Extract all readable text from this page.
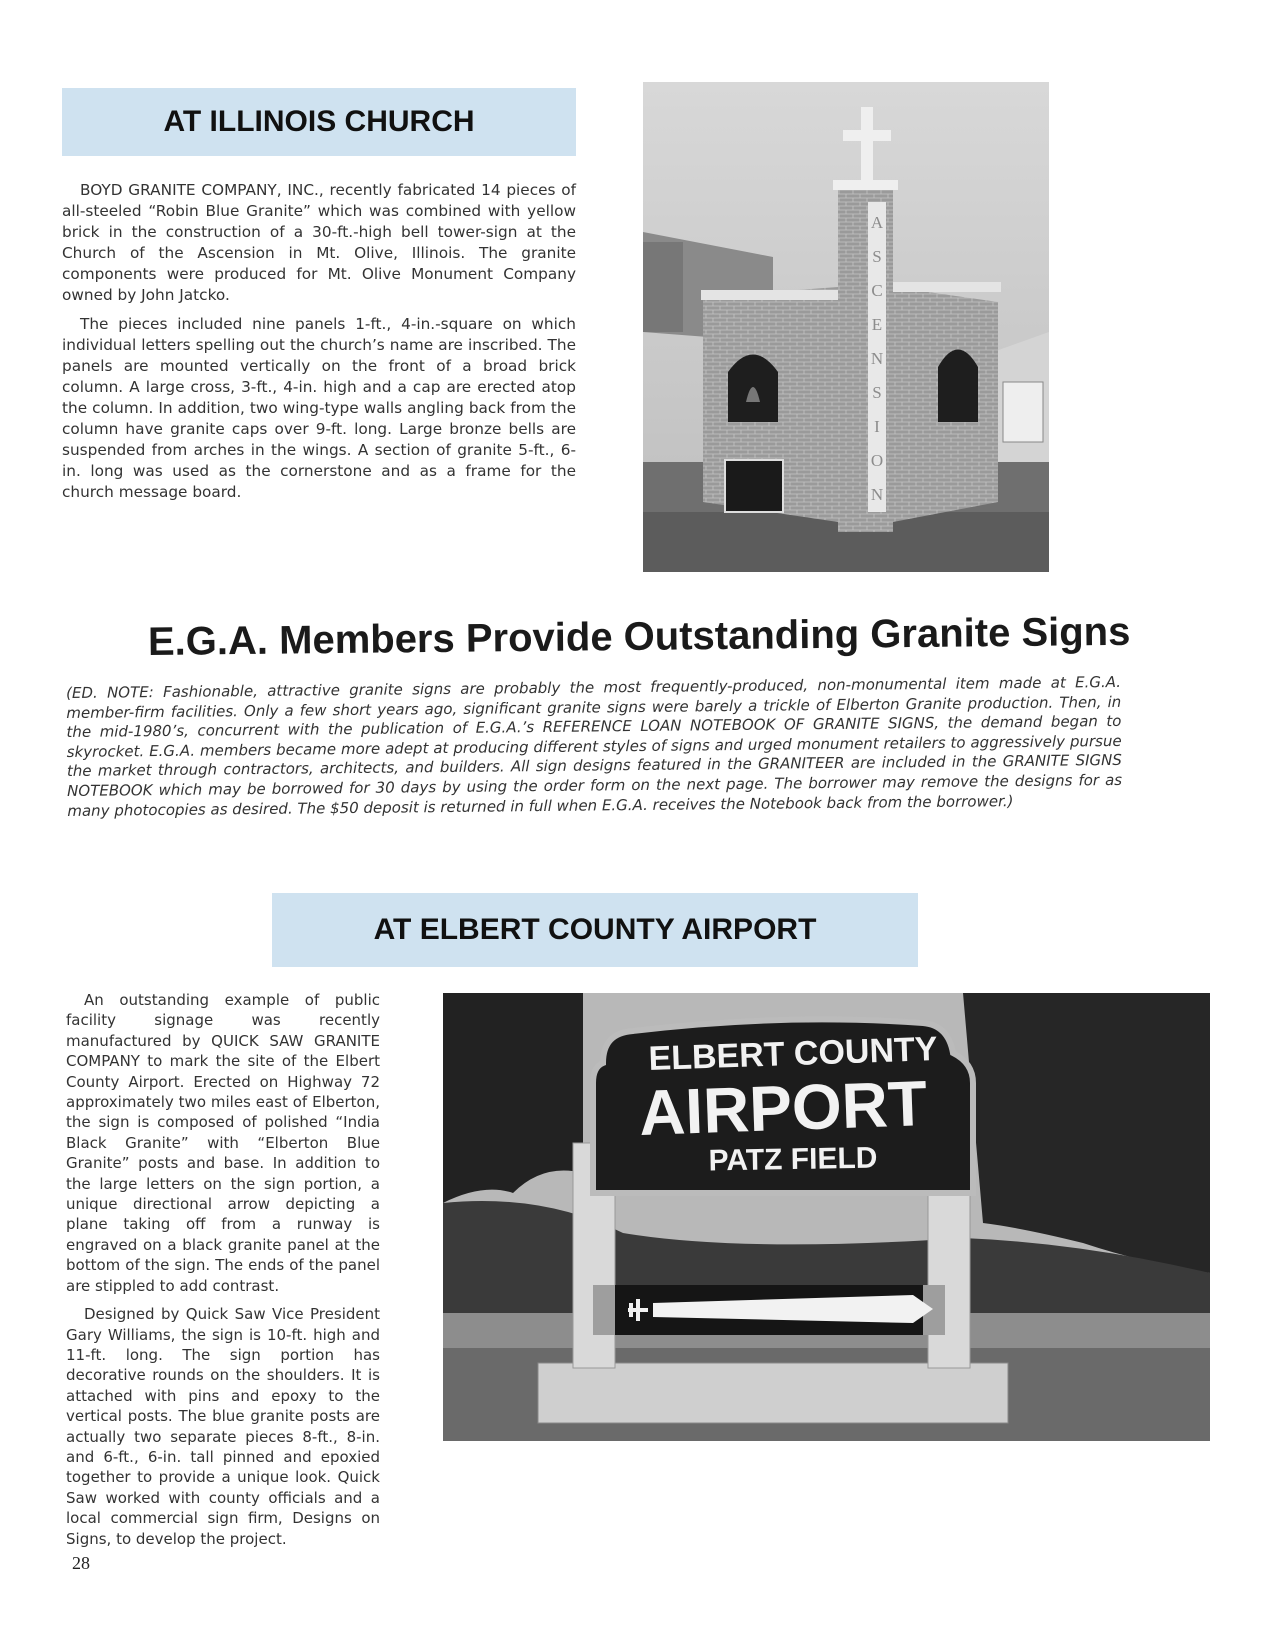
AT ILLINOIS CHURCH

BOYD GRANITE COMPANY, INC., recently fabricated 14 pieces of all-steeled “Robin Blue Granite” which was combined with yellow brick in the construction of a 30-ft.-high bell tower-sign at the Church of the Ascension in Mt. Olive, Illinois. The granite components were produced for Mt. Olive Monument Company owned by John Jatcko.

The pieces included nine panels 1-ft., 4-in.-square on which individual letters spelling out the church’s name are inscribed. The panels are mounted vertically on the front of a broad brick column. A large cross, 3-ft., 4-in. high and a cap are erected atop the column. In addition, two wing-type walls angling back from the column have granite caps over 9-ft. long. Large bronze bells are suspended from arches in the wings. A section of granite 5-ft., 6-in. long was used as the cornerstone and as a frame for the church message board.

A
S
C
E
N
S
I
O
N
E.G.A. Members Provide Outstanding Granite Signs
(ED. NOTE: Fashionable, attractive granite signs are probably the most frequently-produced, non-monumental item made at E.G.A. member-firm facilities. Only a few short years ago, significant granite signs were barely a trickle of Elberton Granite production. Then, in the mid-1980’s, concurrent with the publication of E.G.A.’s REFERENCE LOAN NOTEBOOK OF GRANITE SIGNS, the demand began to skyrocket. E.G.A. members became more adept at producing different styles of signs and urged monument retailers to aggressively pursue the market through contractors, architects, and builders. All sign designs featured in the GRANITEER are included in the GRANITE SIGNS NOTEBOOK which may be borrowed for 30 days by using the order form on the next page. The borrower may remove the designs for as many photocopies as desired. The $50 deposit is returned in full when E.G.A. receives the Notebook back from the borrower.)
AT ELBERT COUNTY AIRPORT

An outstanding example of public facility signage was recently manufactured by QUICK SAW GRANITE COMPANY to mark the site of the Elbert County Airport. Erected on Highway 72 approximately two miles east of Elberton, the sign is composed of polished “India Black Granite” with “Elberton Blue Granite” posts and base. In addition to the large letters on the sign portion, a unique directional arrow depicting a plane taking off from a runway is engraved on a black granite panel at the bottom of the sign. The ends of the panel are stippled to add contrast.

Designed by Quick Saw Vice President Gary Williams, the sign is 10-ft. high and 11-ft. long. The sign portion has decorative rounds on the shoulders. It is attached with pins and epoxy to the vertical posts. The blue granite posts are actually two separate pieces 8-ft., 8-in. and 6-ft., 6-in. tall pinned and epoxied together to provide a unique look. Quick Saw worked with county officials and a local commercial sign firm, Designs on Signs, to develop the project.

ELBERT COUNTY
AIRPORT
PATZ FIELD
28
